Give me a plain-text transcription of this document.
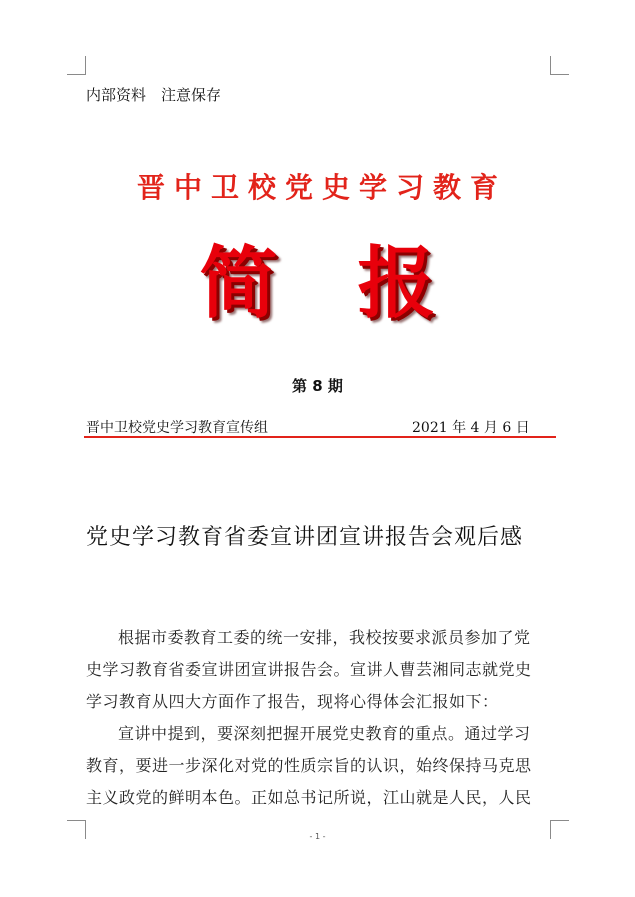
内部资料　注意保存
晋中卫校党史学习教育
简报
第 8 期
晋中卫校党史学习教育宣传组	2021 年 4 月 6 日
党史学习教育省委宣讲团宣讲报告会观后感
根据市委教育工委的统一安排，我校按要求派员参加了党
史学习教育省委宣讲团宣讲报告会。宣讲人曹芸湘同志就党史
学习教育从四大方面作了报告，现将心得体会汇报如下：
宣讲中提到，要深刻把握开展党史教育的重点。通过学习
教育，要进一步深化对党的性质宗旨的认识，始终保持马克思
主义政党的鲜明本色。正如总书记所说，江山就是人民，人民
- 1 -
